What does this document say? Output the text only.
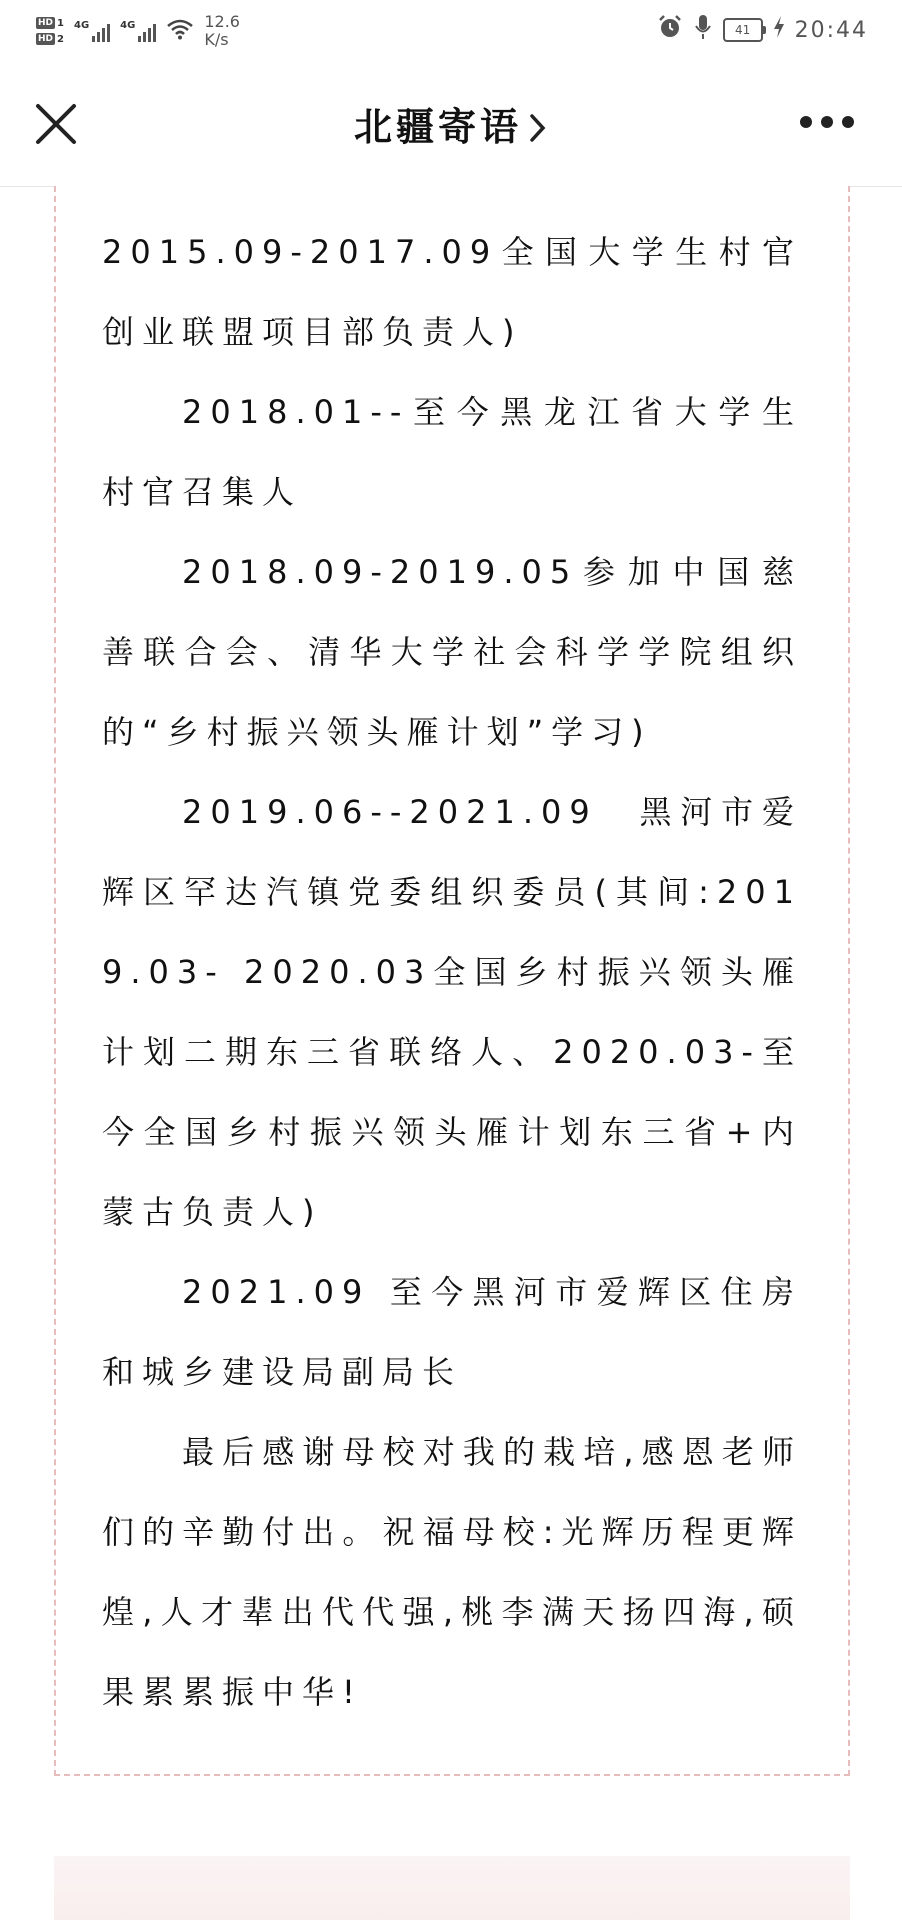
HD 1
HD 2
4G	4G	12.6
K/s	41 20:44
北疆寄语

2015.09-2017.09全国大学生村官创业联盟项目部负责人)

2018.01--至今黑龙江省大学生村官召集人

2018.09-2019.05参加中国慈善联合会、清华大学社会科学学院组织的“乡村振兴领头雁计划”学习)

2019.06--2021.09　黑河市爱辉区罕达汽镇党委组织委员(其间:2019.03- 2020.03全国乡村振兴领头雁计划二期东三省联络人、2020.03-至今全国乡村振兴领头雁计划东三省+内蒙古负责人)

2021.09 至今黑河市爱辉区住房和城乡建设局副局长

最后感谢母校对我的栽培,感恩老师们的辛勤付出。祝福母校:光辉历程更辉煌,人才辈出代代强,桃李满天扬四海,硕果累累振中华!
